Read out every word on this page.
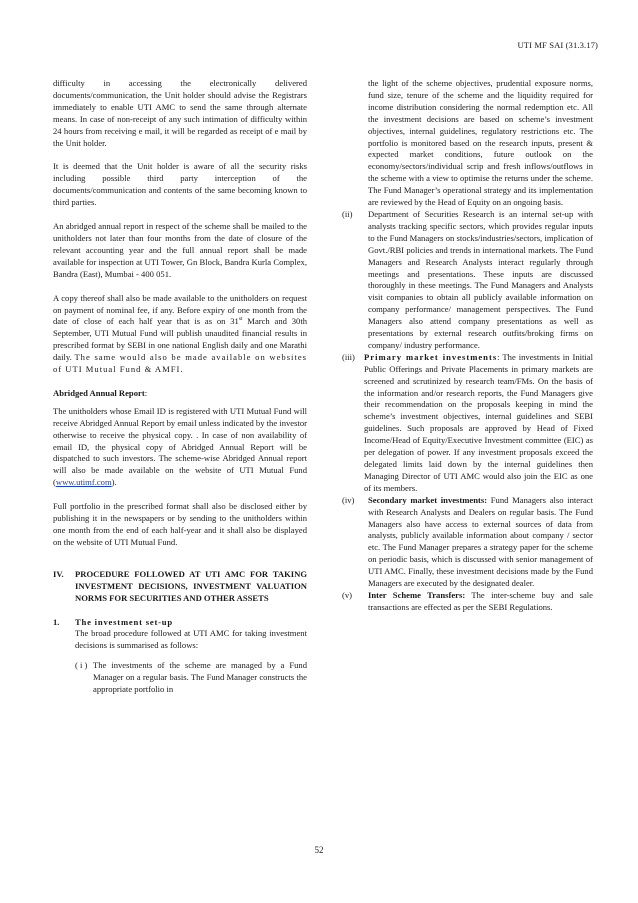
UTI MF SAI (31.3.17)

difficulty in accessing the electronically delivered documents/communication, the Unit holder should advise the Registrars immediately to enable UTI AMC to send the same through alternate means. In case of non-receipt of any such intimation of difficulty within 24 hours from receiving e mail, it will be regarded as receipt of e mail by the Unit holder.

It is deemed that the Unit holder is aware of all the security risks including possible third party interception of the documents/communication and contents of the same becoming known to third parties.

An abridged annual report in respect of the scheme shall be mailed to the unitholders not later than four months from the date of closure of the relevant accounting year and the full annual report shall be made available for inspection at UTI Tower, Gn Block, Bandra Kurla Complex, Bandra (East), Mumbai - 400 051.

A copy thereof shall also be made available to the unitholders on request on payment of nominal fee, if any. Before expiry of one month from the date of close of each half year that is as on 31st March and 30th September, UTI Mutual Fund will publish unaudited financial results in prescribed format by SEBI in one national English daily and one Marathi daily. The same would also be made available on websites of UTI Mutual Fund & AMFI.

Abridged Annual Report:

The unitholders whose Email ID is registered with UTI Mutual Fund will receive Abridged Annual Report by email unless indicated by the investor otherwise to receive the physical copy. . In case of non availability of email ID, the physical copy of Abridged Annual Report will be dispatched to such investors. The scheme-wise Abridged Annual report will also be made available on the website of UTI Mutual Fund (www.utimf.com).

Full portfolio in the prescribed format shall also be disclosed either by publishing it in the newspapers or by sending to the unitholders within one month from the end of each half-year and it shall also be displayed on the website of UTI Mutual Fund.

IV.	PROCEDURE FOLLOWED AT UTI AMC FOR TAKING INVESTMENT DECISIONS, INVESTMENT VALUATION NORMS FOR SECURITIES AND OTHER ASSETS
1.	The investment set-up

The broad procedure followed at UTI AMC for taking investment decisions is summarised as follows:

( i ) The investments of the scheme are managed by a Fund Manager on a regular basis. The Fund Manager constructs the appropriate portfolio in

the light of the scheme objectives, prudential exposure norms, fund size, tenure of the scheme and the liquidity required for income distribution considering the normal redemption etc. All the investment decisions are based on scheme’s investment objectives, internal guidelines, regulatory restrictions etc. The portfolio is monitored based on the research inputs, present & expected market conditions, future outlook on the economy/sectors/individual scrip and fresh inflows/outflows in the scheme with a view to optimise the returns under the scheme. The Fund Manager’s operational strategy and its implementation are reviewed by the Head of Equity on an ongoing basis.

(ii)	Department of Securities Research is an internal set-up with analysts tracking specific sectors, which provides regular inputs to the Fund Managers on stocks/industries/sectors, implication of Govt./RBI policies and trends in international markets. The Fund Managers and Research Analysts interact regularly through meetings and presentations. These inputs are discussed thoroughly in these meetings. The Fund Managers and Analysts visit companies to obtain all publicly available information on company performance/ management perspectives. The Fund Managers also attend company presentations as well as presentations by external research outfits/broking firms on company/ industry performance.
(iii)	Primary market investments: The investments in Initial Public Offerings and Private Placements in primary markets are screened and scrutinized by research team/FMs. On the basis of the information and/or research reports, the Fund Managers give their recommendation on the proposals keeping in mind the scheme’s investment objectives, internal guidelines and SEBI guidelines. Such proposals are approved by Head of Fixed Income/Head of Equity/Executive Investment committee (EIC) as per delegation of power. If any investment proposals exceed the delegated limits laid down by the internal guidelines then Managing Director of UTI AMC would also join the EIC as one of its members.
(iv)	Secondary market investments: Fund Managers also interact with Research Analysts and Dealers on regular basis. The Fund Managers also have access to external sources of data from analysts, publicly available information about company / sector etc. The Fund Manager prepares a strategy paper for the scheme on periodic basis, which is discussed with senior management of UTI AMC. Finally, these investment decisions made by the Fund Managers are executed by the designated dealer.
(v)	Inter Scheme Transfers: The inter-scheme buy and sale transactions are effected as per the SEBI Regulations.
52
